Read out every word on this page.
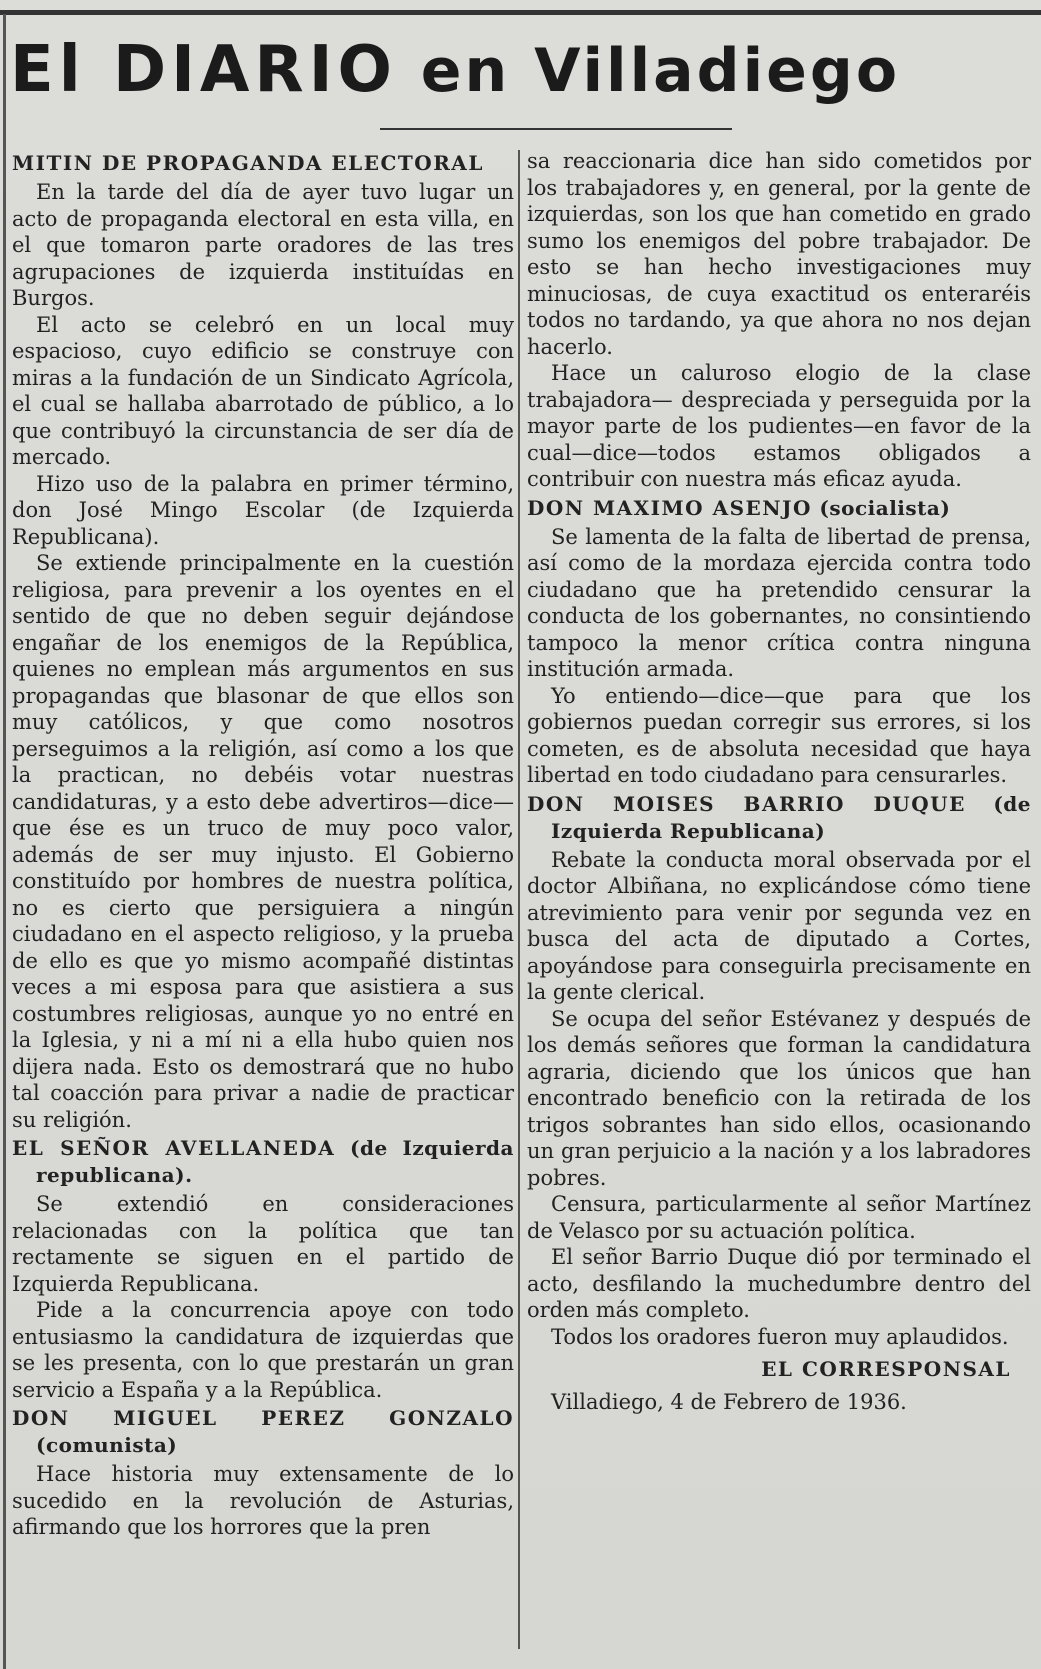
El DIARIO en Villadiego
MITIN DE PROPAGANDA ELECTORAL

En la tarde del día de ayer tuvo lugar un acto de propaganda electoral en esta villa, en el que tomaron parte oradores de las tres agrupaciones de izquierda instituídas en Burgos.

El acto se celebró en un local muy espacioso, cuyo edificio se construye con miras a la fundación de un Sindicato Agrícola, el cual se hallaba abarrotado de público, a lo que contribuyó la circunstancia de ser día de mercado.

Hizo uso de la palabra en primer término, don José Mingo Escolar (de Izquierda Republicana).

Se extiende principalmente en la cuestión religiosa, para prevenir a los oyentes en el sentido de que no deben seguir dejándose engañar de los enemigos de la República, quienes no emplean más argumentos en sus propagandas que blasonar de que ellos son muy católicos, y que como nosotros perseguimos a la religión, así como a los que la practican, no debéis votar nuestras candidaturas, y a esto debe advertiros—dice—que ése es un truco de muy poco valor, además de ser muy injusto. El Gobierno constituído por hombres de nuestra política, no es cierto que persiguiera a ningún ciudadano en el aspecto religioso, y la prueba de ello es que yo mismo acompañé distintas veces a mi esposa para que asistiera a sus costumbres religiosas, aunque yo no entré en la Iglesia, y ni a mí ni a ella hubo quien nos dijera nada. Esto os demostrará que no hubo tal coacción para privar a nadie de practicar su religión.

EL SEÑOR AVELLANEDA (de Izquierda republicana).

Se extendió en consideraciones relacionadas con la política que tan rectamente se siguen en el partido de Izquierda Republicana.

Pide a la concurrencia apoye con todo entusiasmo la candidatura de izquierdas que se les presenta, con lo que prestarán un gran servicio a España y a la República.

DON MIGUEL PEREZ GONZALO (comunista)

Hace historia muy extensamente de lo sucedido en la revolución de Asturias, afirmando que los horrores que la pren

sa reaccionaria dice han sido cometidos por los trabajadores y, en general, por la gente de izquierdas, son los que han cometido en grado sumo los enemigos del pobre trabajador. De esto se han hecho investigaciones muy minuciosas, de cuya exactitud os enteraréis todos no tardando, ya que ahora no nos dejan hacerlo.

Hace un caluroso elogio de la clase trabajadora— despreciada y perseguida por la mayor parte de los pudientes—en favor de la cual—dice—todos estamos obligados a contribuir con nuestra más eficaz ayuda.

DON MAXIMO ASENJO (socialista)

Se lamenta de la falta de libertad de prensa, así como de la mordaza ejercida contra todo ciudadano que ha pretendido censurar la conducta de los gobernantes, no consintiendo tampoco la menor crítica contra ninguna institución armada.

Yo entiendo—dice—que para que los gobiernos puedan corregir sus errores, si los cometen, es de absoluta necesidad que haya libertad en todo ciudadano para censurarles.

DON MOISES BARRIO DUQUE (de Izquierda Republicana)

Rebate la conducta moral observada por el doctor Albiñana, no explicándose cómo tiene atrevimiento para venir por segunda vez en busca del acta de diputado a Cortes, apoyándose para conseguirla precisamente en la gente clerical.

Se ocupa del señor Estévanez y después de los demás señores que forman la candidatura agraria, diciendo que los únicos que han encontrado beneficio con la retirada de los trigos sobrantes han sido ellos, ocasionando un gran perjuicio a la nación y a los labradores pobres.

Censura, particularmente al señor Martínez de Velasco por su actuación política.

El señor Barrio Duque dió por terminado el acto, desfilando la muchedumbre dentro del orden más completo.

Todos los oradores fueron muy aplaudidos.

EL CORRESPONSAL

Villadiego, 4 de Febrero de 1936.
